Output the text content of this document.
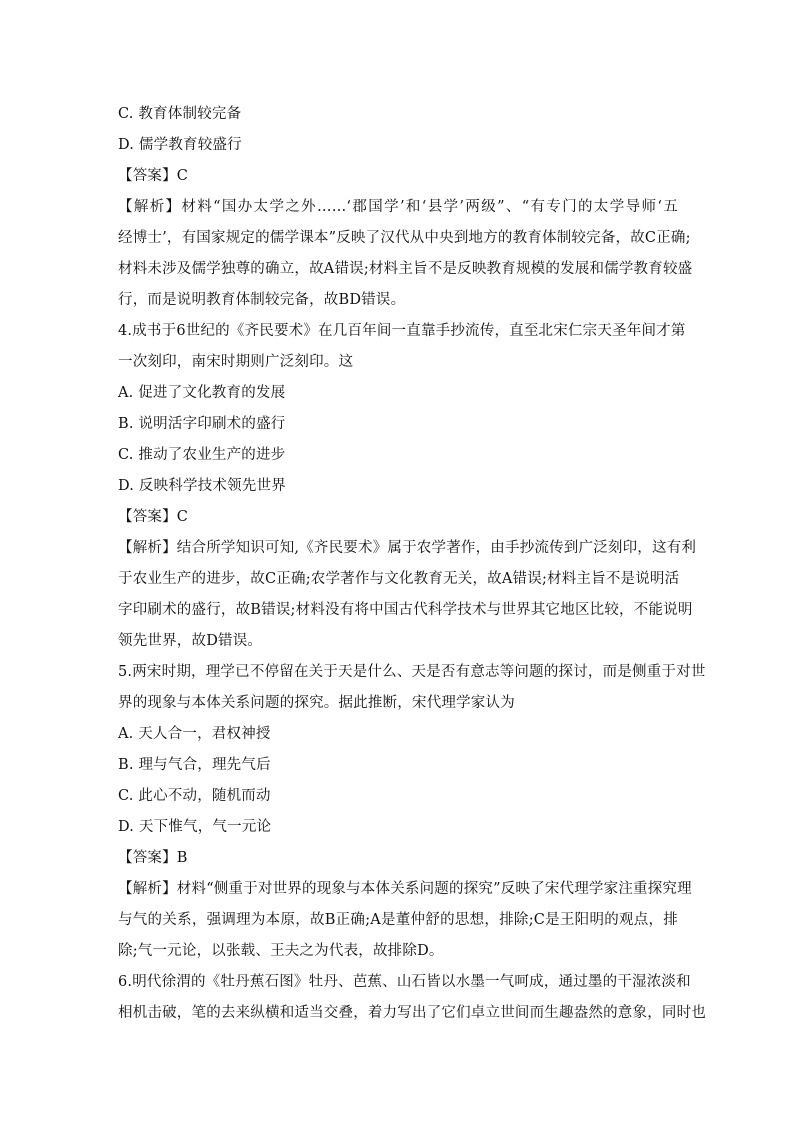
C. 教育体制较完备
D. 儒学教育较盛行
【答案】C
【解析】材料“国办太学之外……‘郡国学’和‘县学’两级”、“有专门的太学导师‘五
经博士’，有国家规定的儒学课本”反映了汉代从中央到地方的教育体制较完备，故C正确;
材料未涉及儒学独尊的确立，故A错误;材料主旨不是反映教育规模的发展和儒学教育较盛
行，而是说明教育体制较完备，故BD错误。
4.成书于6世纪的《齐民要术》在几百年间一直靠手抄流传，直至北宋仁宗天圣年间才第
一次刻印，南宋时期则广泛刻印。这
A. 促进了文化教育的发展
B. 说明活字印刷术的盛行
C. 推动了农业生产的进步
D. 反映科学技术领先世界
【答案】C
【解析】结合所学知识可知,《齐民要术》属于农学著作，由手抄流传到广泛刻印，这有利
于农业生产的进步，故C正确;农学著作与文化教育无关，故A错误;材料主旨不是说明活
字印刷术的盛行，故B错误;材料没有将中国古代科学技术与世界其它地区比较，不能说明
领先世界，故D错误。
5.两宋时期，理学已不停留在关于天是什么、天是否有意志等问题的探讨，而是侧重于对世
界的现象与本体关系问题的探究。据此推断，宋代理学家认为
A. 天人合一，君权神授
B. 理与气合，理先气后
C. 此心不动，随机而动
D. 天下惟气，气一元论
【答案】B
【解析】材料“侧重于对世界的现象与本体关系问题的探究”反映了宋代理学家注重探究理
与气的关系，强调理为本原，故B正确;A是董仲舒的思想，排除;C是王阳明的观点，排
除;气一元论，以张载、王夫之为代表，故排除D。
6.明代徐渭的《牡丹蕉石图》牡丹、芭蕉、山石皆以水墨一气呵成，通过墨的干湿浓淡和
相机击破，笔的去来纵横和适当交叠，着力写出了它们卓立世间而生趣盎然的意象，同时也
